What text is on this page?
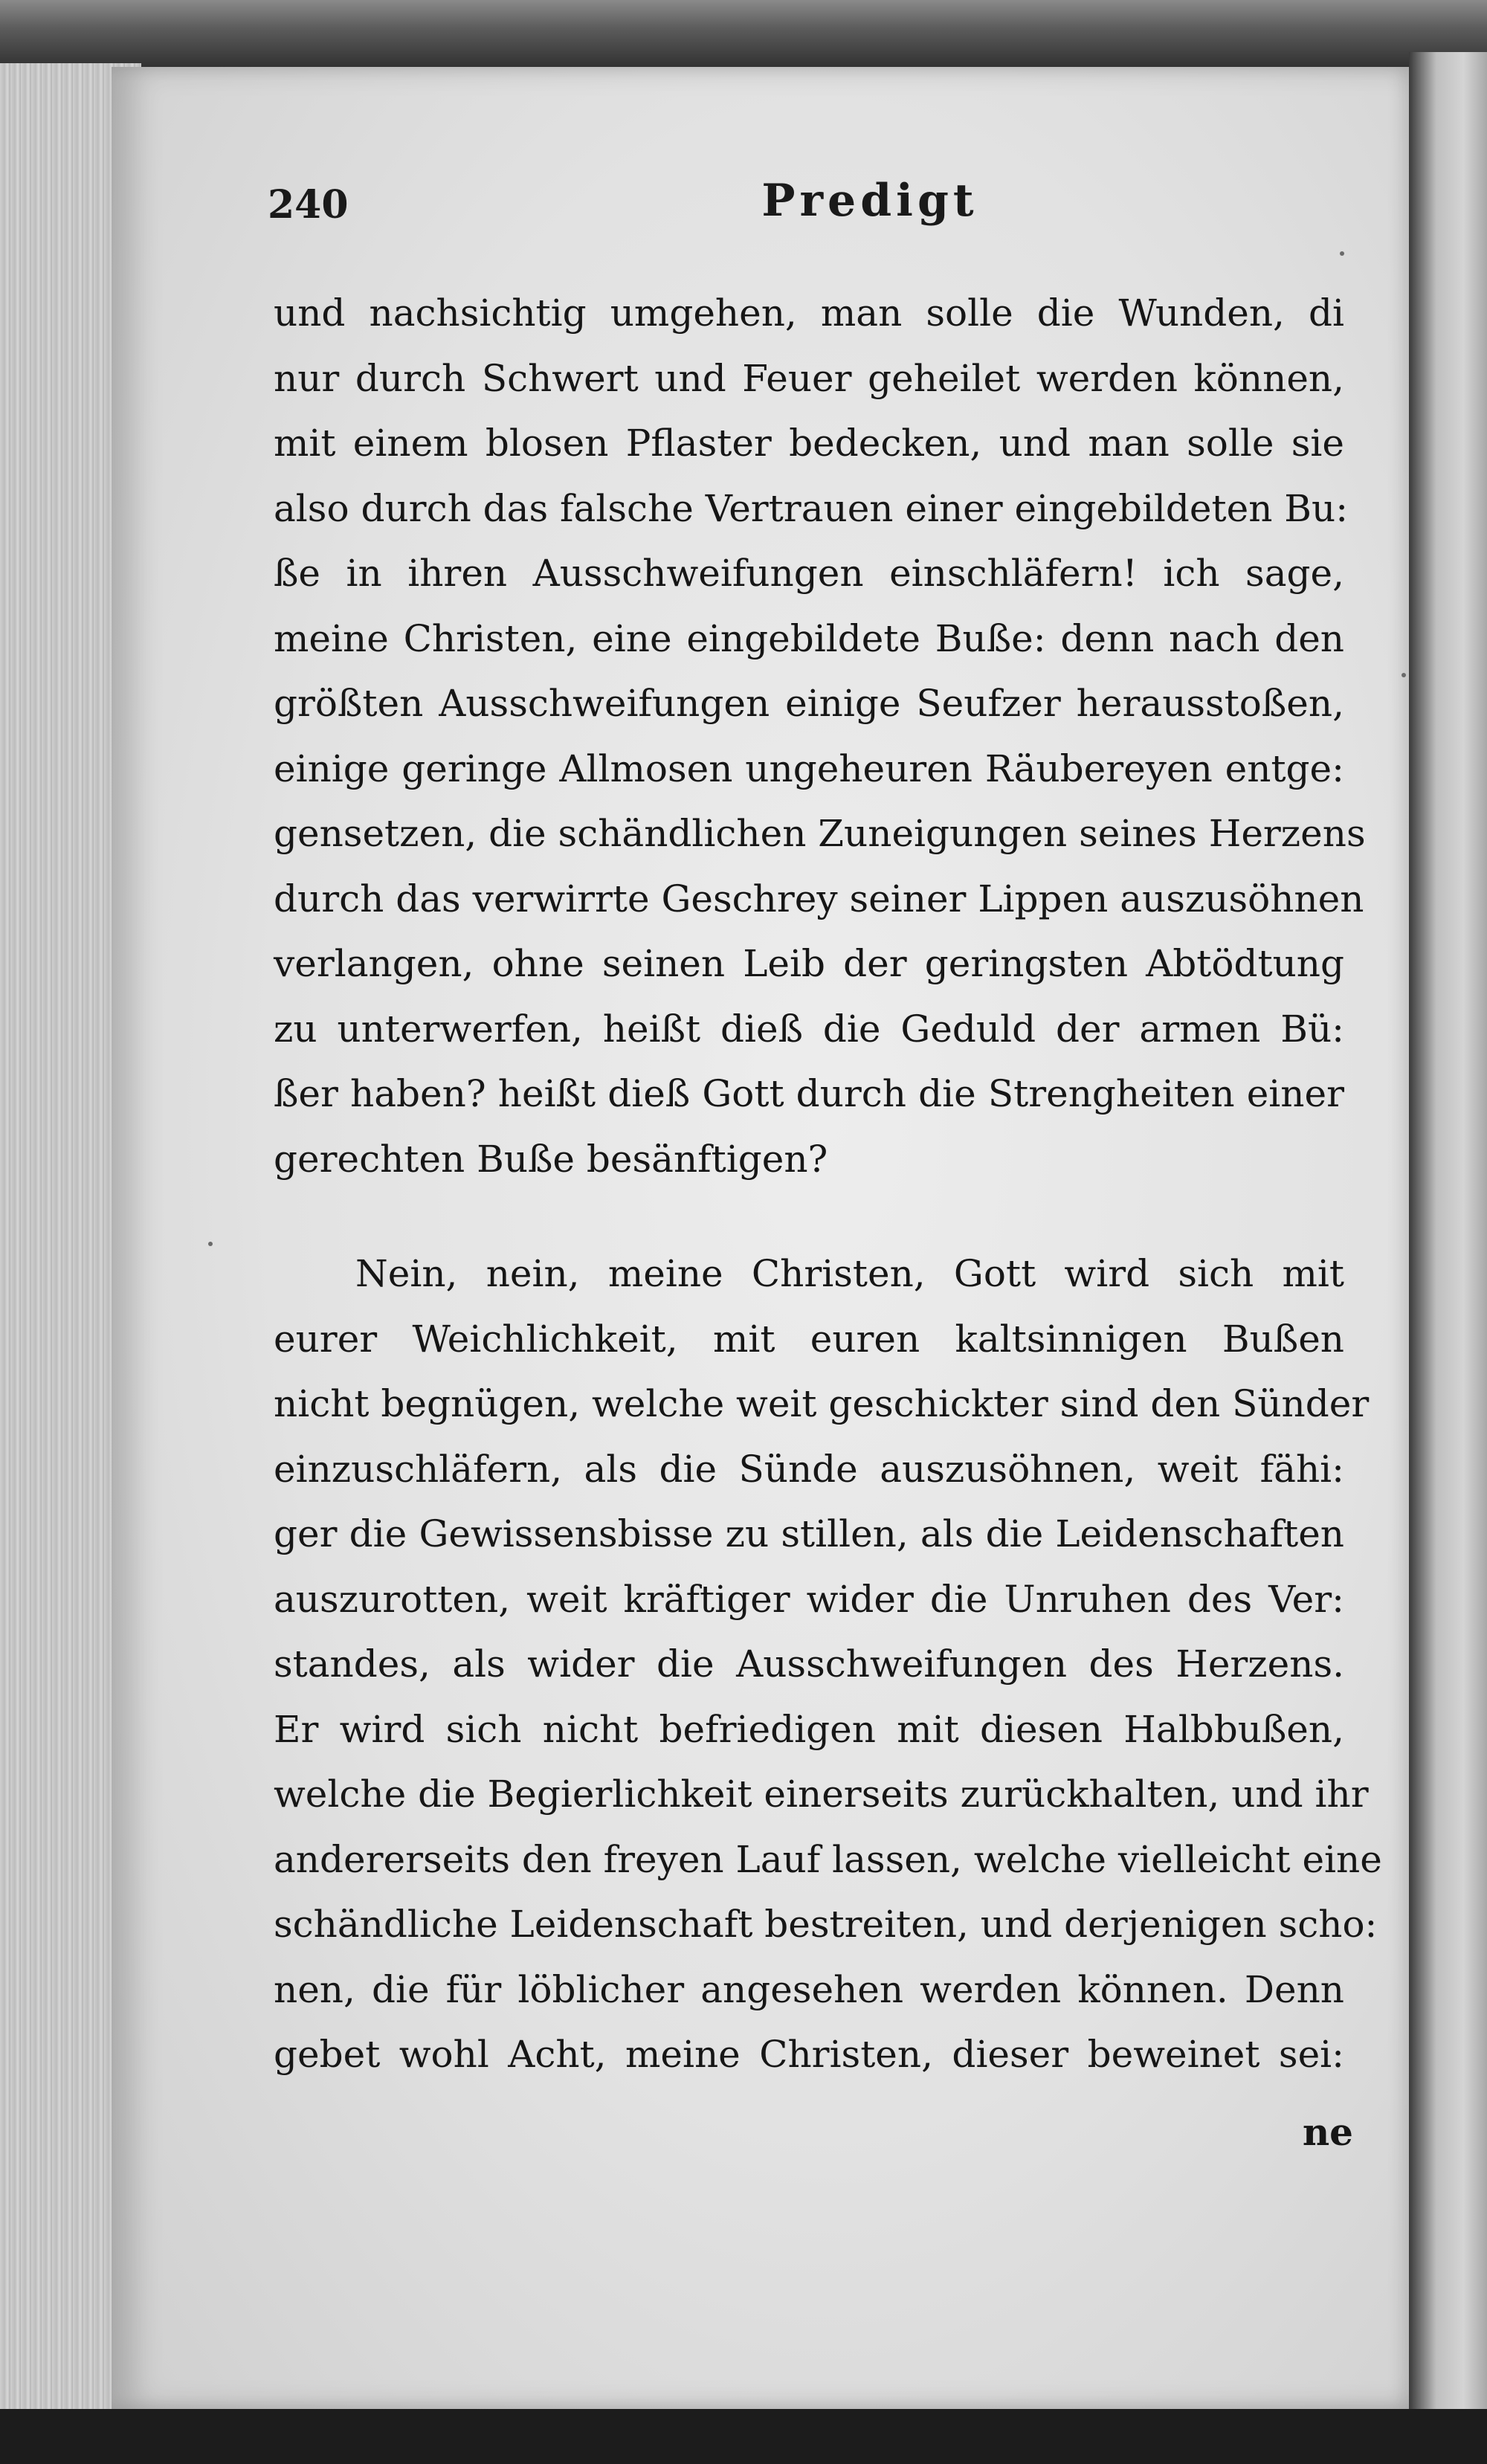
240	Predigt
und nachsichtig umgehen, man solle die Wunden, di
nur durch Schwert und Feuer geheilet werden können,
mit einem blosen Pflaster bedecken, und man solle sie
also durch das falsche Vertrauen einer eingebildeten Bu:
ße in ihren Ausschweifungen einschläfern! ich sage,
meine Christen, eine eingebildete Buße: denn nach den
größten Ausschweifungen einige Seufzer herausstoßen,
einige geringe Allmosen ungeheuren Räubereyen entge:
gensetzen, die schändlichen Zuneigungen seines Herzens
durch das verwirrte Geschrey seiner Lippen auszusöhnen
verlangen, ohne seinen Leib der geringsten Abtödtung
zu unterwerfen, heißt dieß die Geduld der armen Bü:
ßer haben? heißt dieß Gott durch die Strengheiten einer
gerechten Buße besänftigen?
Nein, nein, meine Christen, Gott wird sich mit
eurer Weichlichkeit, mit euren kaltsinnigen Bußen
nicht begnügen, welche weit geschickter sind den Sünder
einzuschläfern, als die Sünde auszusöhnen, weit fähi:
ger die Gewissensbisse zu stillen, als die Leidenschaften
auszurotten, weit kräftiger wider die Unruhen des Ver:
standes, als wider die Ausschweifungen des Herzens.
Er wird sich nicht befriedigen mit diesen Halbbußen,
welche die Begierlichkeit einerseits zurückhalten, und ihr
andererseits den freyen Lauf lassen, welche vielleicht eine
schändliche Leidenschaft bestreiten, und derjenigen scho:
nen, die für löblicher angesehen werden können. Denn
gebet wohl Acht, meine Christen, dieser beweinet sei:
ne
